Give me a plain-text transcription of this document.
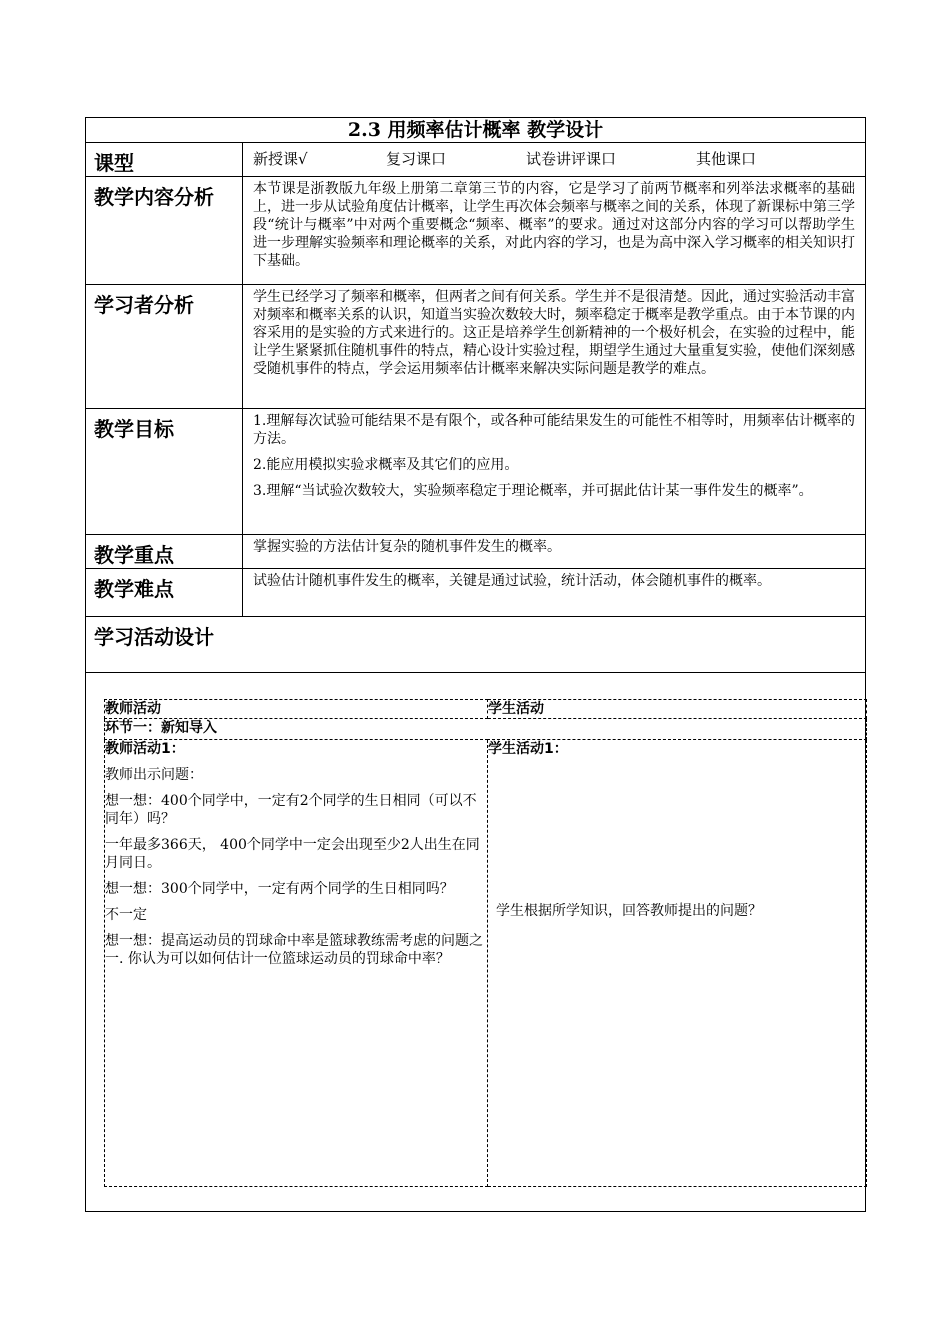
2.3 用频率估计概率 教学设计
课型	新授课√	复习课口	试卷讲评课口	其他课口

教学内容分析	本节课是浙教版九年级上册第二章第三节的内容，它是学习了前两节概率和列举法求概率的基础上，进一步从试验角度估计概率，让学生再次体会频率与概率之间的关系，体现了新课标中第三学段“统计与概率”中对两个重要概念“频率、概率”的要求。通过对这部分内容的学习可以帮助学生进一步理解实验频率和理论概率的关系，对此内容的学习，也是为高中深入学习概率的相关知识打下基础。
学习者分析	学生已经学习了频率和概率，但两者之间有何关系。学生并不是很清楚。因此，通过实验活动丰富对频率和概率关系的认识，知道当实验次数较大时，频率稳定于概率是教学重点。由于本节课的内容采用的是实验的方式来进行的。这正是培养学生创新精神的一个极好机会，在实验的过程中，能让学生紧紧抓住随机事件的特点，精心设计实验过程，期望学生通过大量重复实验，使他们深刻感受随机事件的特点，学会运用频率估计概率来解决实际问题是教学的难点。
教学目标	1.理解每次试验可能结果不是有限个，或各种可能结果发生的可能性不相等时，用频率估计概率的方法。
2.能应用模拟实验求概率及其它们的应用。
3.理解“当试验次数较大，实验频率稳定于理论概率，并可据此估计某一事件发生的概率”。

教学重点	掌握实验的方法估计复杂的随机事件发生的概率。
教学难点	试验估计随机事件发生的概率，关键是通过试验，统计活动，体会随机事件的概率。
学习活动设计

教师活动	学生活动
环节一：新知导入

教师活动1：

教师出示问题：

想一想：400个同学中，一定有2个同学的生日相同（可以不同年）吗？

一年最多366天， 400个同学中一定会出现至少2人出生在同月同日。

想一想：300个同学中，一定有两个同学的生日相同吗？

不一定

想一想：提高运动员的罚球命中率是篮球教练需考虑的问题之一. 你认为可以如何估计一位篮球运动员的罚球命中率？

学生活动1：

学生根据所学知识，回答教师提出的问题？
